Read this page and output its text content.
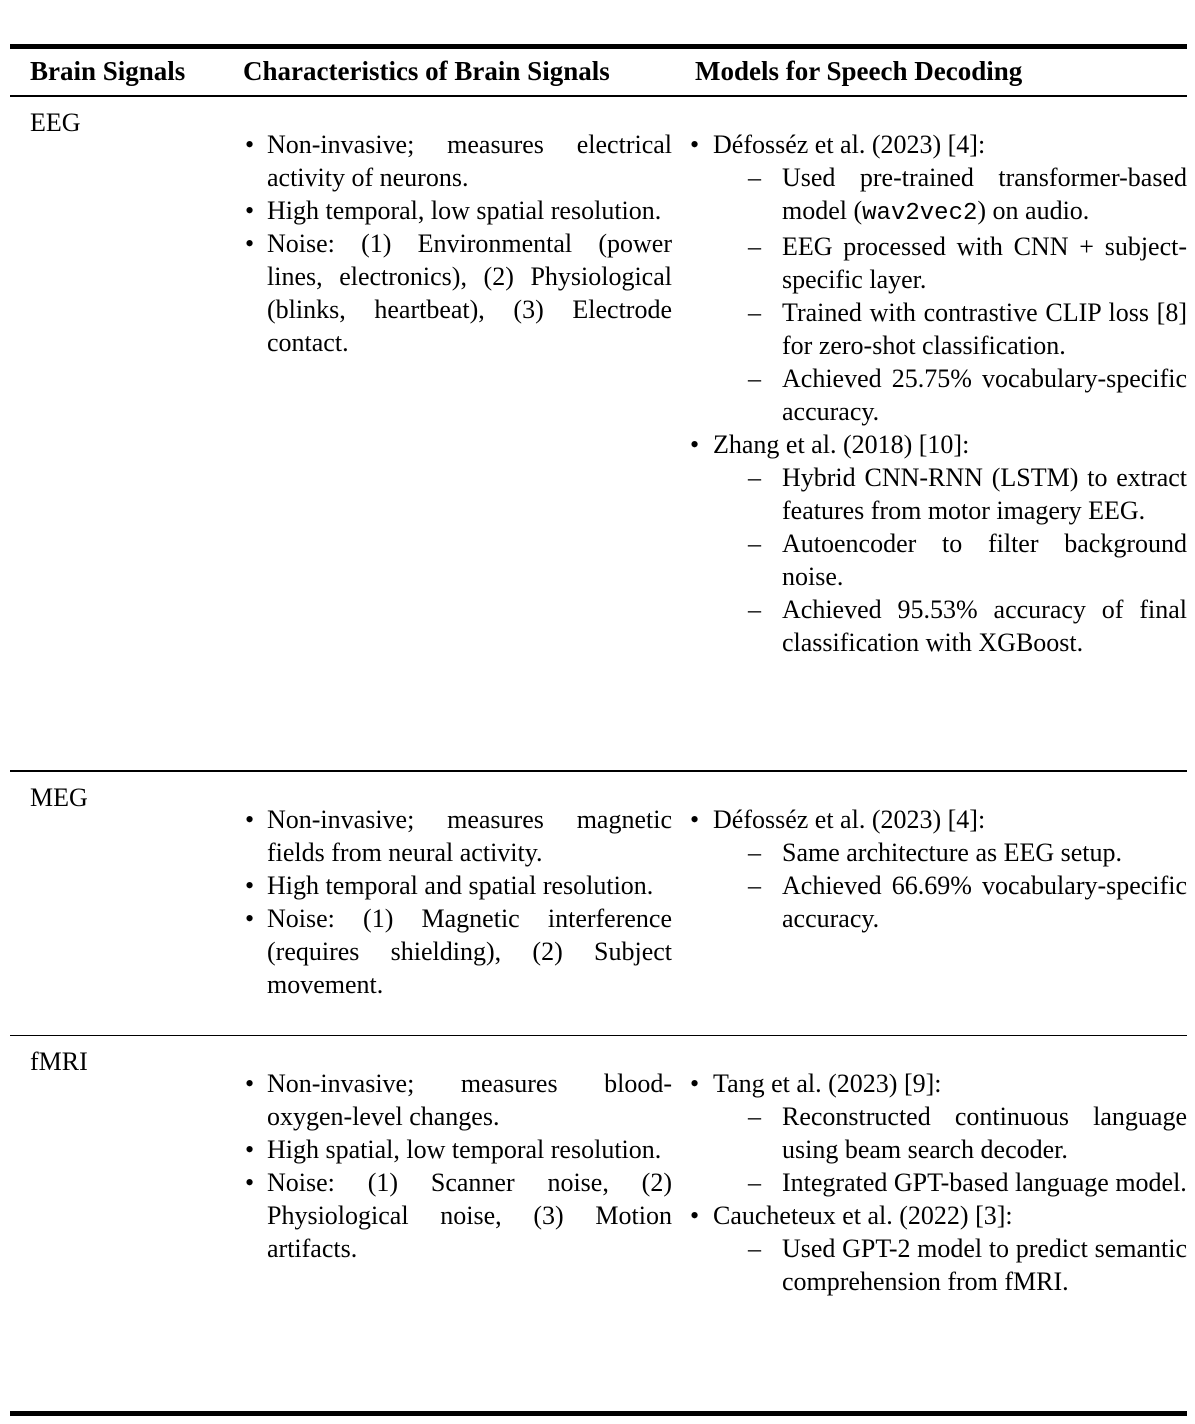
Brain Signals	Characteristics of Brain Signals	Models for Speech Decoding
EEG
• Non-invasive; measures electrical activity of neurons.
• High temporal, low spatial resolution.
• Noise: (1) Environmental (power lines, electronics), (2) Physiological (blinks, heartbeat), (3) Electrode contact.
• Défosséz et al. (2023) [4]:
– Used pre-trained transformer-based model (wav2vec2) on audio.
– EEG processed with CNN + subject-specific layer.
– Trained with contrastive CLIP loss [8] for zero-shot classification.
– Achieved 25.75% vocabulary-specific accuracy.
• Zhang et al. (2018) [10]:
– Hybrid CNN-RNN (LSTM) to extract features from motor imagery EEG.
– Autoencoder to filter background noise.
– Achieved 95.53% accuracy of final classification with XGBoost.
MEG
• Non-invasive; measures magnetic fields from neural activity.
• High temporal and spatial resolution.
• Noise: (1) Magnetic interference (requires shielding), (2) Subject movement.
• Défosséz et al. (2023) [4]:
– Same architecture as EEG setup.
– Achieved 66.69% vocabulary-specific accuracy.
fMRI
• Non-invasive; measures blood-oxygen-level changes.
• High spatial, low temporal resolution.
• Noise: (1) Scanner noise, (2) Physiological noise, (3) Motion artifacts.
• Tang et al. (2023) [9]:
– Reconstructed continuous language using beam search decoder.
– Integrated GPT-based language model.
• Caucheteux et al. (2022) [3]:
– Used GPT-2 model to predict semantic comprehension from fMRI.
